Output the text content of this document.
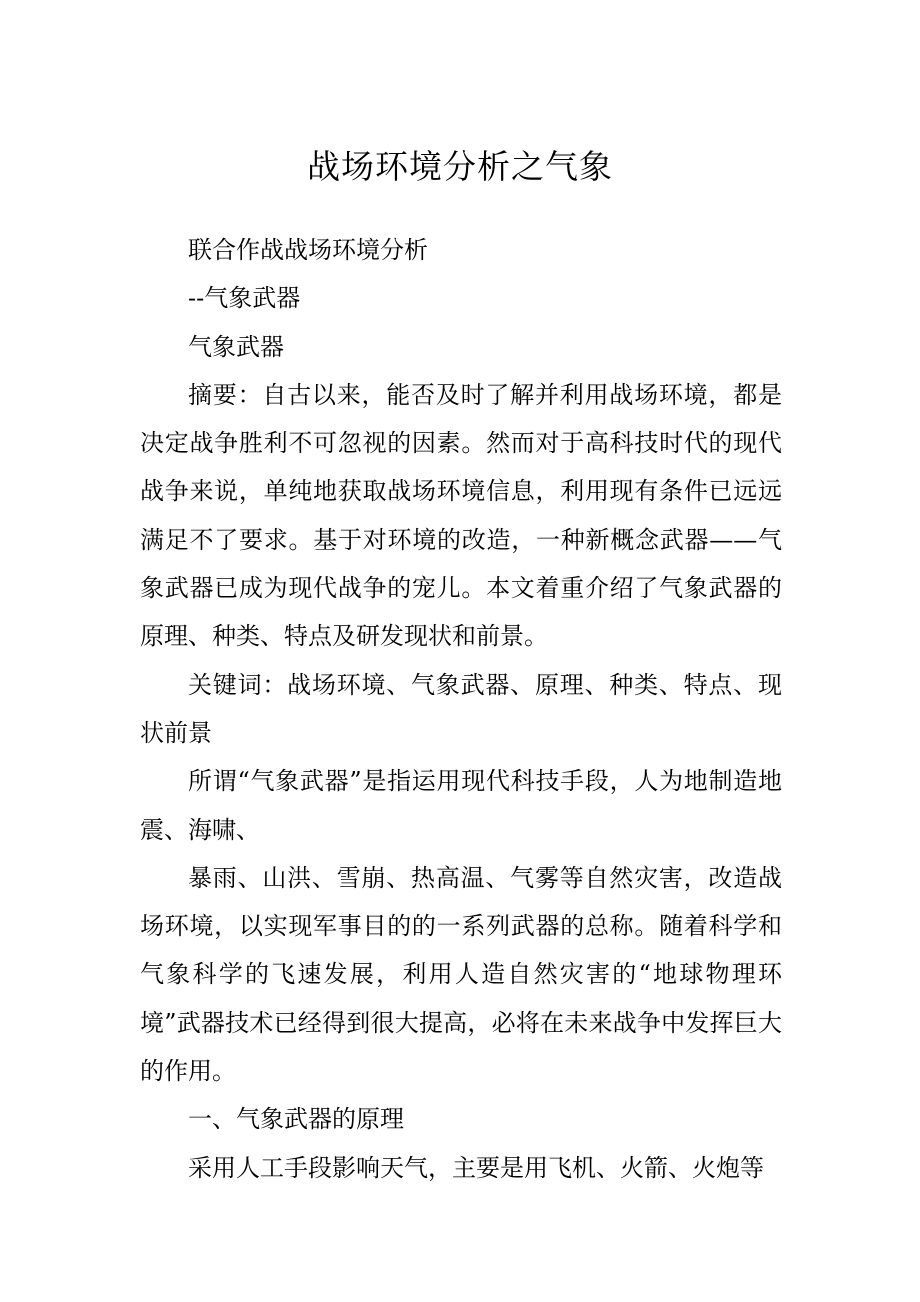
战场环境分析之气象

联合作战战场环境分析

--气象武器

气象武器

摘要：自古以来，能否及时了解并利用战场环境，都是决定战争胜利不可忽视的因素。然而对于高科技时代的现代战争来说，单纯地获取战场环境信息，利用现有条件已远远满足不了要求。基于对环境的改造，一种新概念武器——气象武器已成为现代战争的宠儿。本文着重介绍了气象武器的原理、种类、特点及研发现状和前景。

关键词：战场环境、气象武器、原理、种类、特点、现状前景

所谓“气象武器”是指运用现代科技手段，人为地制造地震、海啸、

暴雨、山洪、雪崩、热高温、气雾等自然灾害，改造战场环境，以实现军事目的的一系列武器的总称。随着科学和气象科学的飞速发展，利用人造自然灾害的“地球物理环境”武器技术已经得到很大提高，必将在未来战争中发挥巨大的作用。

一、气象武器的原理

采用人工手段影响天气，主要是用飞机、火箭、火炮等
